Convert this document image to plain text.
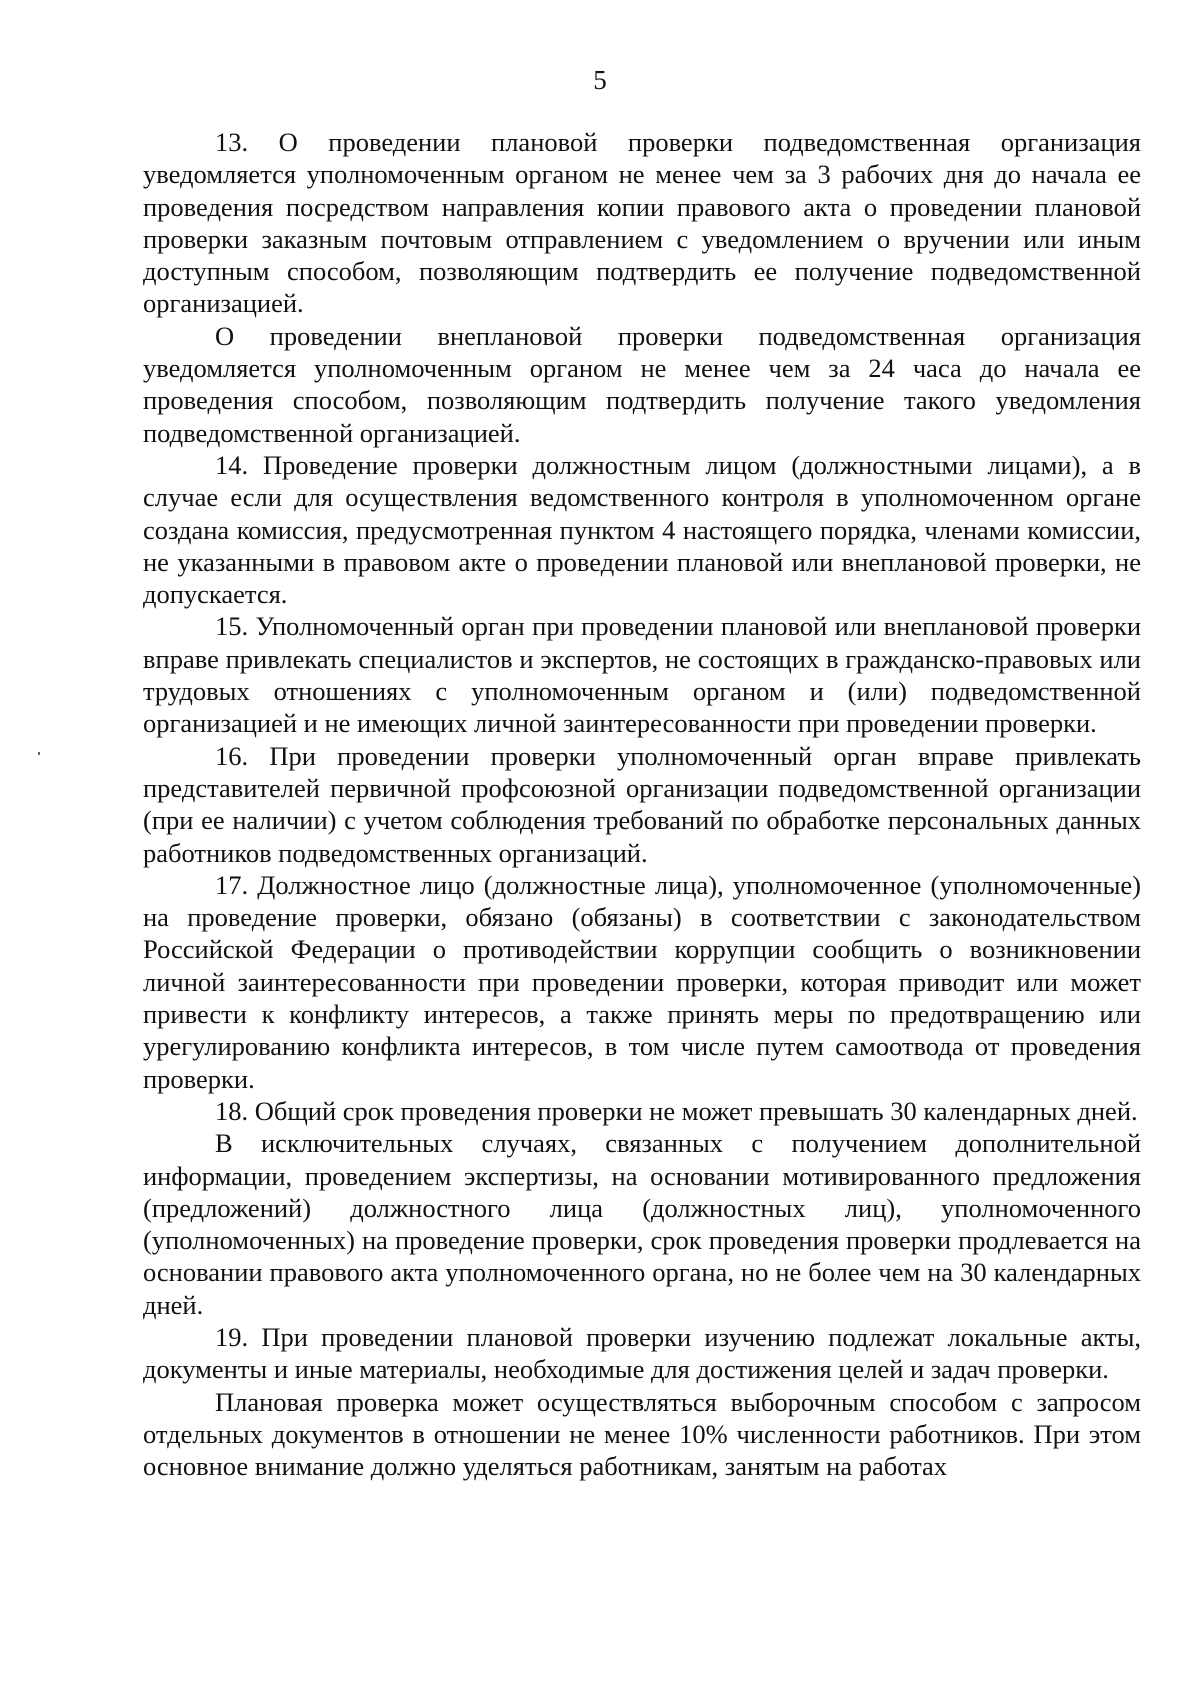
5

13. О проведении плановой проверки подведомственная организация уведомляется уполномоченным органом не менее чем за 3 рабочих дня до начала ее проведения посредством направления копии правового акта о проведении плановой проверки заказным почтовым отправлением с уведомлением о вручении или иным доступным способом, позволяющим подтвердить ее получение подведомственной организацией.

О проведении внеплановой проверки подведомственная организация уведомляется уполномоченным органом не менее чем за 24 часа до начала ее проведения способом, позволяющим подтвердить получение такого уведомления подведомственной организацией.

14. Проведение проверки должностным лицом (должностными лицами), а в случае если для осуществления ведомственного контроля в уполномоченном органе создана комиссия, предусмотренная пунктом 4 настоящего порядка, членами комиссии, не указанными в правовом акте о проведении плановой или внеплановой проверки, не допускается.

15. Уполномоченный орган при проведении плановой или внеплановой проверки вправе привлекать специалистов и экспертов, не состоящих в гражданско-правовых или трудовых отношениях с уполномоченным органом и (или) подведомственной организацией и не имеющих личной заинтересованности при проведении проверки.

16. При проведении проверки уполномоченный орган вправе привлекать представителей первичной профсоюзной организации подведомственной организации (при ее наличии) с учетом соблюдения требований по обработке персональных данных работников подведомственных организаций.

17. Должностное лицо (должностные лица), уполномоченное (уполномоченные) на проведение проверки, обязано (обязаны) в соответствии с законодательством Российской Федерации о противодействии коррупции сообщить о возникновении личной заинтересованности при проведении проверки, которая приводит или может привести к конфликту интересов, а также принять меры по предотвращению или урегулированию конфликта интересов, в том числе путем самоотвода от проведения проверки.

18. Общий срок проведения проверки не может превышать 30 календарных дней.

В исключительных случаях, связанных с получением дополнительной информации, проведением экспертизы, на основании мотивированного предложения (предложений) должностного лица (должностных лиц), уполномоченного (уполномоченных) на проведение проверки, срок проведения проверки продлевается на основании правового акта уполномоченного органа, но не более чем на 30 календарных дней.

19. При проведении плановой проверки изучению подлежат локальные акты, документы и иные материалы, необходимые для достижения целей и задач проверки.

Плановая проверка может осуществляться выборочным способом с запросом отдельных документов в отношении не менее 10% численности работников. При этом основное внимание должно уделяться работникам, занятым на работах
